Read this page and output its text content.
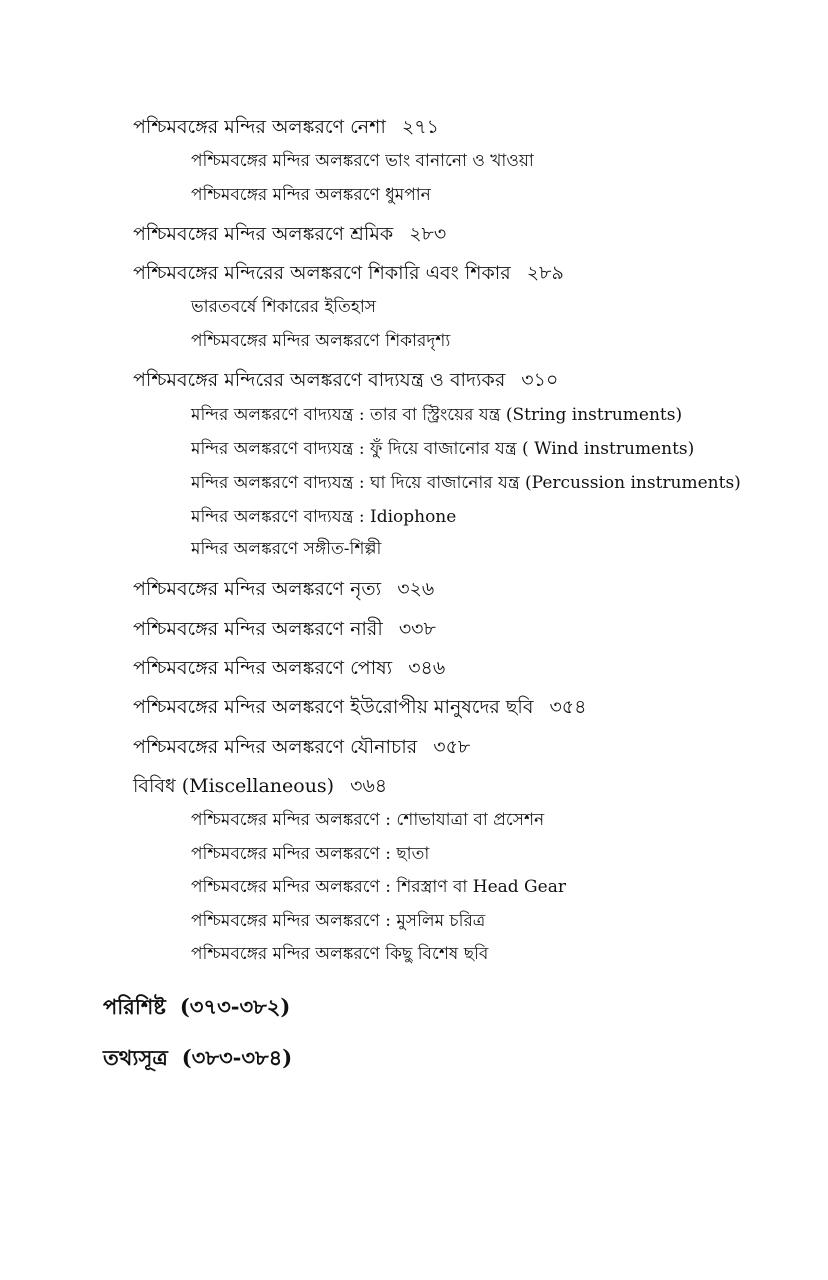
পশ্চিমবঙ্গের মন্দির অলঙ্করণে নেশা ২৭১
পশ্চিমবঙ্গের মন্দির অলঙ্করণে ভাং বানানো ও খাওয়া
পশ্চিমবঙ্গের মন্দির অলঙ্করণে ধুমপান
পশ্চিমবঙ্গের মন্দির অলঙ্করণে শ্রমিক ২৮৩
পশ্চিমবঙ্গের মন্দিরের অলঙ্করণে শিকারি এবং শিকার ২৮৯
ভারতবর্ষে শিকারের ইতিহাস
পশ্চিমবঙ্গের মন্দির অলঙ্করণে শিকারদৃশ্য
পশ্চিমবঙ্গের মন্দিরের অলঙ্করণে বাদ্যযন্ত্র ও বাদ্যকর ৩১০
মন্দির অলঙ্করণে বাদ্যযন্ত্র : তার বা স্ট্রিংয়ের যন্ত্র (String instruments)
মন্দির অলঙ্করণে বাদ্যযন্ত্র : ফুঁ দিয়ে বাজানোর যন্ত্র ( Wind instruments)
মন্দির অলঙ্করণে বাদ্যযন্ত্র : ঘা দিয়ে বাজানোর যন্ত্র (Percussion instruments)
মন্দির অলঙ্করণে বাদ্যযন্ত্র : Idiophone
মন্দির অলঙ্করণে সঙ্গীত-শিল্পী
পশ্চিমবঙ্গের মন্দির অলঙ্করণে নৃত্য ৩২৬
পশ্চিমবঙ্গের মন্দির অলঙ্করণে নারী ৩৩৮
পশ্চিমবঙ্গের মন্দির অলঙ্করণে পোষ্য ৩৪৬
পশ্চিমবঙ্গের মন্দির অলঙ্করণে ইউরোপীয় মানুষদের ছবি ৩৫৪
পশ্চিমবঙ্গের মন্দির অলঙ্করণে যৌনাচার ৩৫৮
বিবিধ (Miscellaneous) ৩৬৪
পশ্চিমবঙ্গের মন্দির অলঙ্করণে : শোভাযাত্রা বা প্রসেশন
পশ্চিমবঙ্গের মন্দির অলঙ্করণে : ছাতা
পশ্চিমবঙ্গের মন্দির অলঙ্করণে : শিরস্ত্রাণ বা Head Gear
পশ্চিমবঙ্গের মন্দির অলঙ্করণে : মুসলিম চরিত্র
পশ্চিমবঙ্গের মন্দির অলঙ্করণে কিছু বিশেষ ছবি
পরিশিষ্ট (৩৭৩-৩৮২)
তথ্যসূত্র (৩৮৩-৩৮৪)
